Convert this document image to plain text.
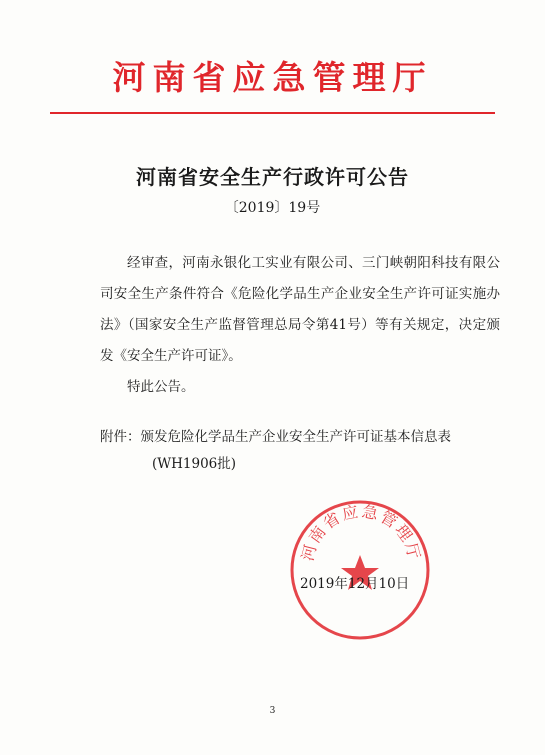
河南省应急管理厅
河南省安全生产行政许可公告
〔2019〕19号

经审查，河南永银化工实业有限公司、三门峡朝阳科技有限公司安全生产条件符合《危险化学品生产企业安全生产许可证实施办法》（国家安全生产监督管理总局令第41号）等有关规定，决定颁发《安全生产许可证》。

特此公告。

附件：颁发危险化学品生产企业安全生产许可证基本信息表

(WH1906批)

河南省应急管理厅
2019年12月10日
3
